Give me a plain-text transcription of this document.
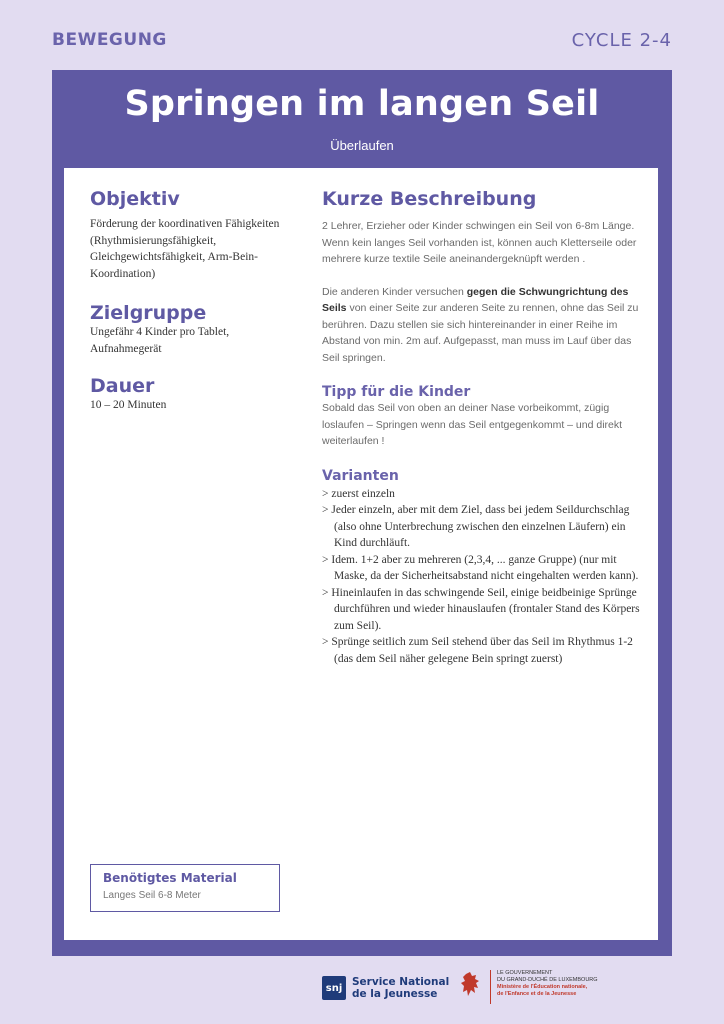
BEWEGUNG	CYCLE 2-4
Springen im langen Seil
Überlaufen
Objektiv
Förderung der koordinativen Fähigkeiten (Rhythmisierungsfähigkeit, Gleichgewichtsfähigkeit, Arm-Bein-Koordination)
Zielgruppe
Ungefähr 4 Kinder pro Tablet, Aufnahmegerät
Dauer
10 – 20 Minuten
Kurze Beschreibung
2 Lehrer, Erzieher oder Kinder schwingen ein Seil von 6-8m Länge. Wenn kein langes Seil vorhanden ist, können auch Kletterseile oder mehrere kurze textile Seile aneinandergeknüpft werden .
Die anderen Kinder versuchen gegen die Schwungrichtung des Seils von einer Seite zur anderen Seite zu rennen, ohne das Seil zu berühren. Dazu stellen sie sich hintereinander in einer Reihe im Abstand von min. 2m auf. Aufgepasst, man muss im Lauf über das Seil springen.
Tipp für die Kinder
Sobald das Seil von oben an deiner Nase vorbeikommt, zügig loslaufen – Springen wenn das Seil entgegenkommt – und direkt weiterlaufen !
Varianten
> zuerst einzeln
> Jeder einzeln, aber mit dem Ziel, dass bei jedem Seildurchschlag (also ohne Unterbrechung zwischen den einzelnen Läufern) ein Kind durchläuft.
> Idem. 1+2 aber zu mehreren (2,3,4, ... ganze Gruppe) (nur mit Maske, da der Sicherheitsabstand nicht eingehalten werden kann).
> Hineinlaufen in das schwingende Seil, einige beidbeinige Sprünge durchführen und wieder hinauslaufen (frontaler Stand des Körpers zum Seil).
> Sprünge seitlich zum Seil stehend über das Seil im Rhythmus 1-2 (das dem Seil näher gelegene Bein springt zuerst)
Benötigtes Material
Langes Seil 6-8 Meter
snj Service National
de la Jeunesse
LE GOUVERNEMENT
DU GRAND-DUCHÉ DE LUXEMBOURG
Ministère de l'Éducation nationale,
de l'Enfance et de la Jeunesse
